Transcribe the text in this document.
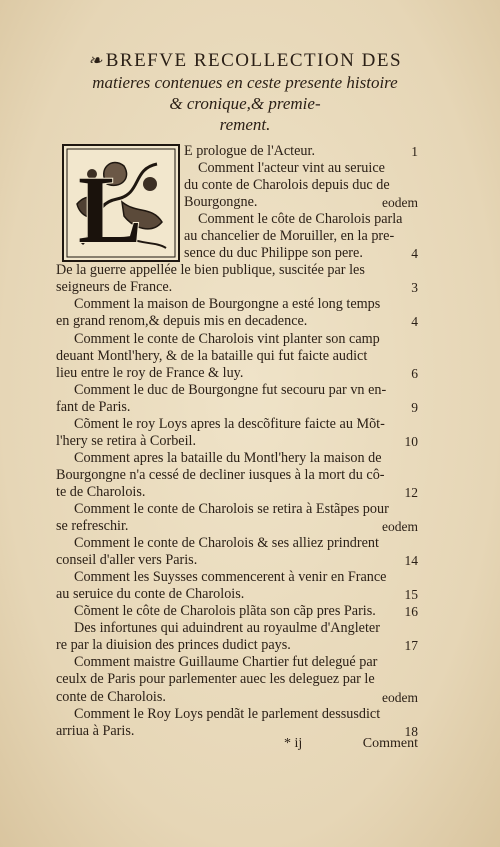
❧ BREFVE RECOLLECTION DES
matieres contenues en ceste presente histoire
& cronique,& premie-
rement.
L
E prologue de l'Acteur.	1
Comment l'acteur vint au seruice
du conte de Charolois depuis duc de
Bourgongne.	eodem
Comment le côte de Charolois parla
au chancelier de Moruiller, en la pre-
sence du duc Philippe son pere.	4
De la guerre appellée le bien publique, suscitée par les
seigneurs de France.	3
Comment la maison de Bourgongne a esté long temps
en grand renom,& depuis mis en decadence.	4
Comment le conte de Charolois vint planter son camp
deuant Montl'hery, & de la bataille qui fut faicte audict
lieu entre le roy de France & luy.	6
Comment le duc de Bourgongne fut secouru par vn en-
fant de Paris.	9
Cõment le roy Loys apres la descõfiture faicte au Mõt-
l'hery se retira à Corbeil.	10
Comment apres la bataille du Montl'hery la maison de
Bourgongne n'a cessé de decliner iusques à la mort du cô-
te de Charolois.	12
Comment le conte de Charolois se retira à Estãpes pour
se refreschir.	eodem
Comment le conte de Charolois & ses alliez prindrent
conseil d'aller vers Paris.	14
Comment les Suysses commencerent à venir en France
au seruice du conte de Charolois.	15
Cõment le côte de Charolois plãta son cãp pres Paris. 16
Des infortunes qui aduindrent au royaulme d'Angleter
re par la diuision des princes dudict pays.	17
Comment maistre Guillaume Chartier fut delegué par
ceulx de Paris pour parlementer auec les deleguez par le
conte de Charolois.	eodem
Comment le Roy Loys pendãt le parlement dessusdict
arriua à Paris.	18
* ij	Comment
